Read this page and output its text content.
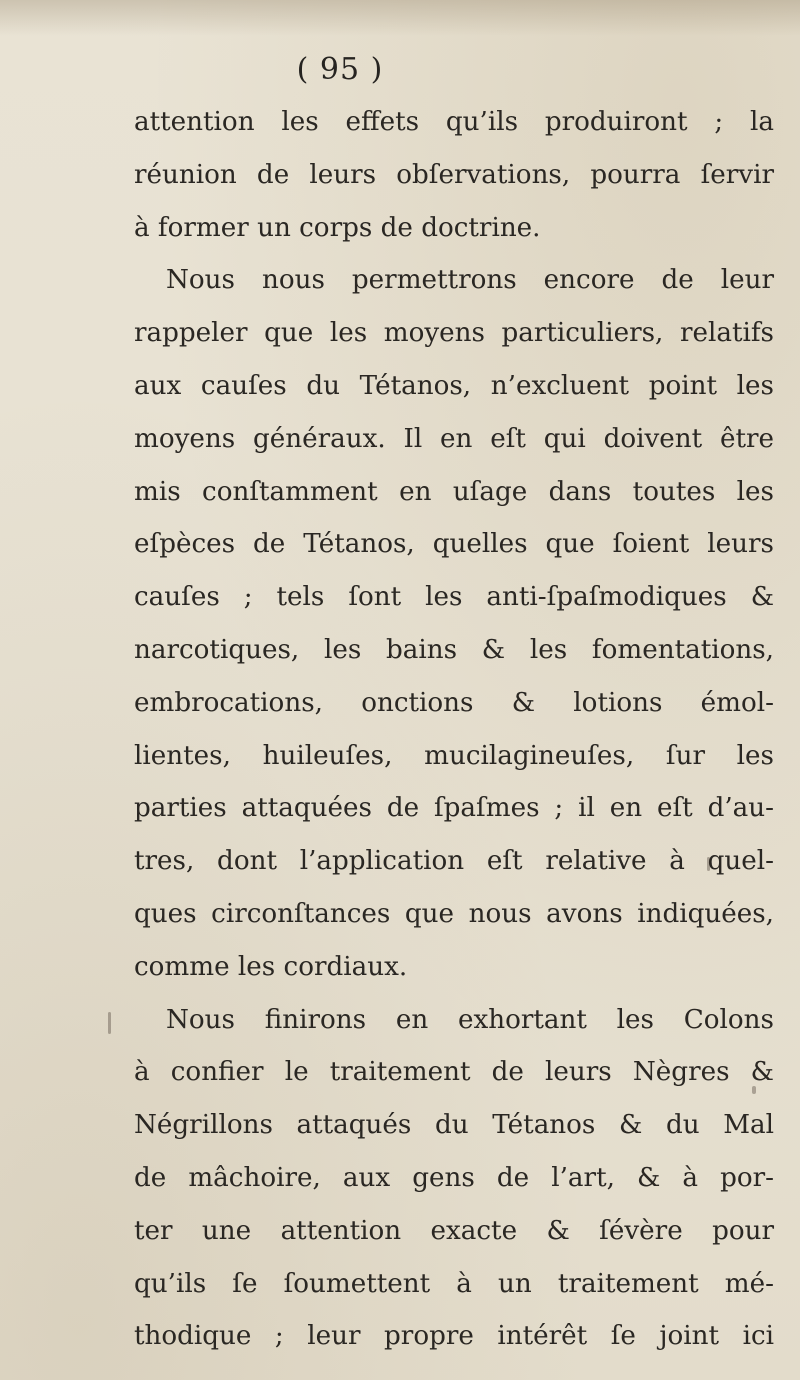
( 95 )
attention les effets qu’ils produiront ; la
réunion de leurs obſervations, pourra ſervir
à former un corps de doctrine.
Nous nous permettrons encore de leur
rappeler que les moyens particuliers, relatifs
aux cauſes du Tétanos, n’excluent point les
moyens généraux. Il en eſt qui doivent être
mis conſtamment en uſage dans toutes les
eſpèces de Tétanos, quelles que ſoient leurs
cauſes ; tels ſont les anti-ſpaſmodiques &
narcotiques, les bains & les fomentations,
embrocations, onctions & lotions émol-
lientes, huileuſes, mucilagineuſes, ſur les
parties attaquées de ſpaſmes ; il en eſt d’au-
tres, dont l’application eſt relative à quel-
ques circonſtances que nous avons indiquées,
comme les cordiaux.
Nous finirons en exhortant les Colons
à confier le traitement de leurs Nègres &
Négrillons attaqués du Tétanos & du Mal
de mâchoire, aux gens de l’art, & à por-
ter une attention exacte & ſévère pour
qu’ils ſe ſoumettent à un traitement mé-
thodique ; leur propre intérêt ſe joint ici
